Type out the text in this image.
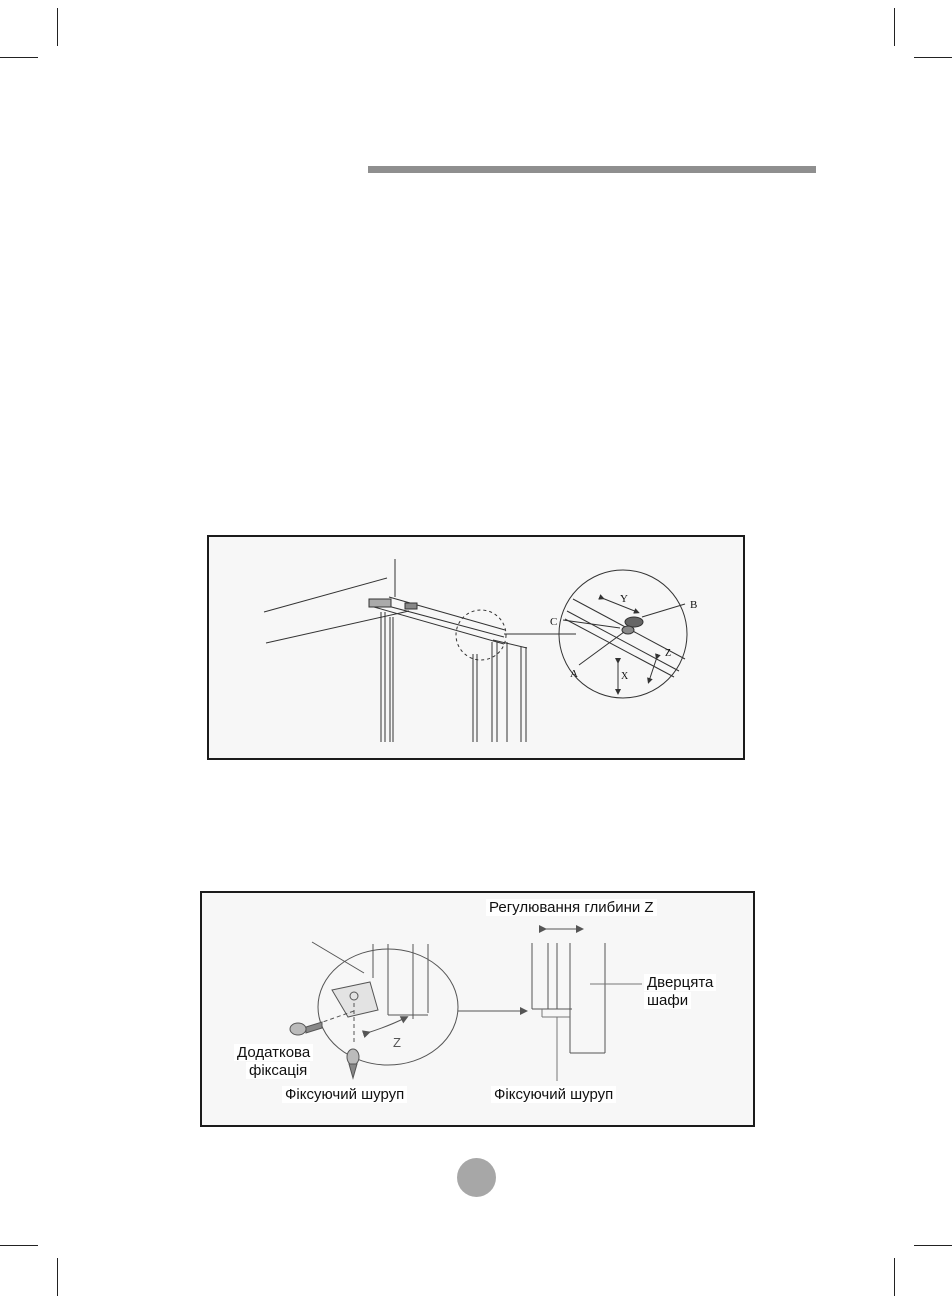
A
B
C
X
Y
Z
Регулювання глибини Z
Дверцята
шафи
Додаткова
фіксація
Фіксуючий шуруп	Фіксуючий шуруп
Z
